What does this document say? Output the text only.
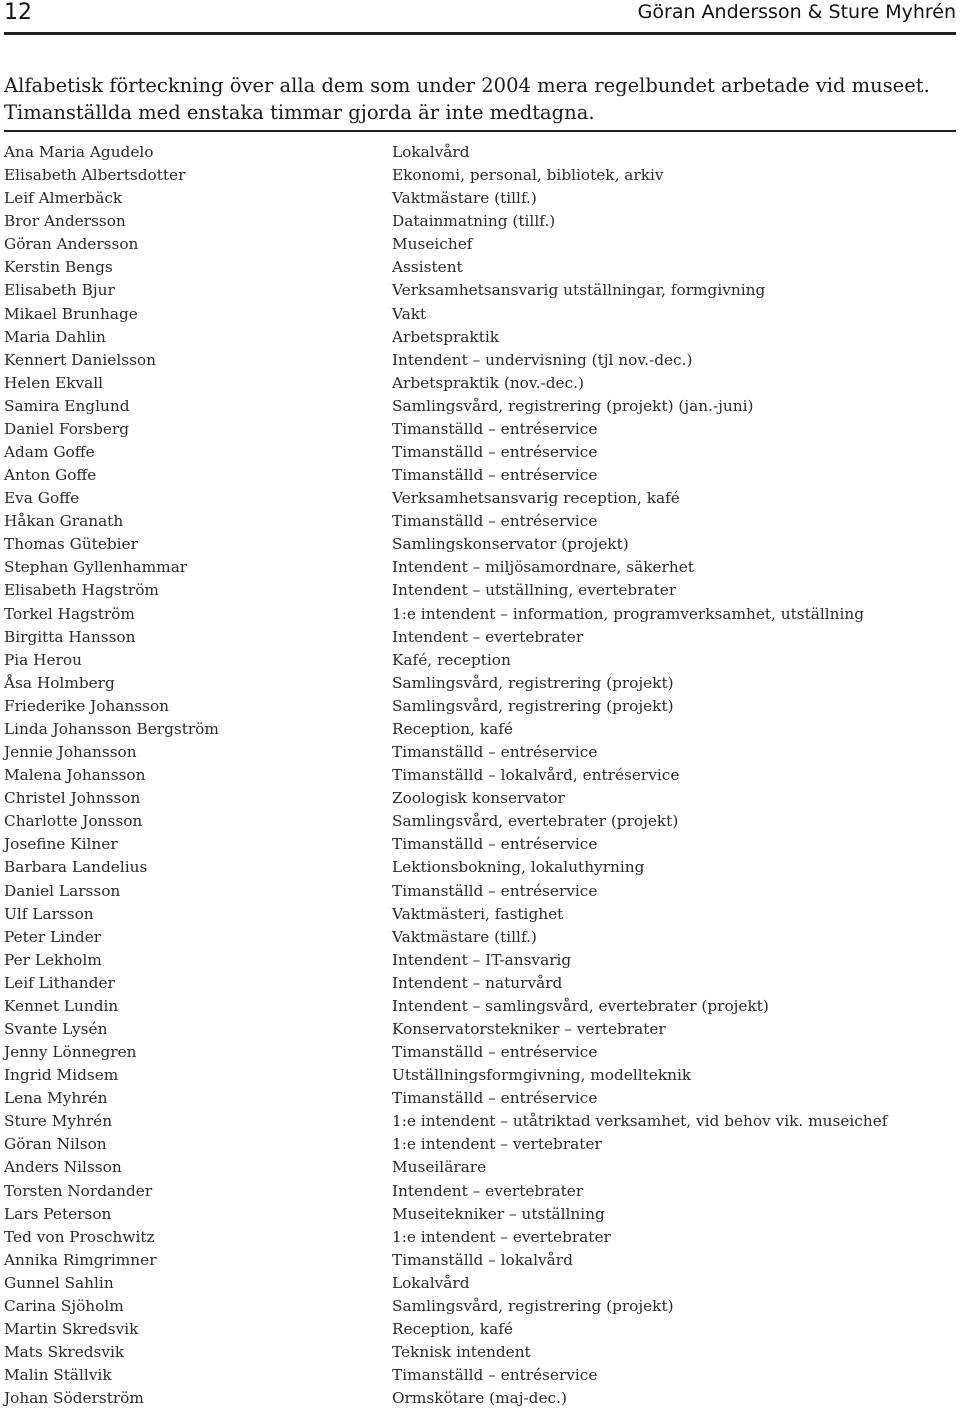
12	Göran Andersson & Sture Myhrén

Alfabetisk förteckning över alla dem som under 2004 mera regelbundet arbetade vid museet. Timanställda med enstaka timmar gjorda är inte medtagna.

Ana Maria Agudelo	Lokalvård
Elisabeth Albertsdotter	Ekonomi, personal, bibliotek, arkiv
Leif Almerbäck	Vaktmästare (tillf.)
Bror Andersson	Datainmatning (tillf.)
Göran Andersson	Museichef
Kerstin Bengs	Assistent
Elisabeth Bjur	Verksamhetsansvarig utställningar, formgivning
Mikael Brunhage	Vakt
Maria Dahlin	Arbetspraktik
Kennert Danielsson	Intendent – undervisning (tjl nov.-dec.)
Helen Ekvall	Arbetspraktik (nov.-dec.)
Samira Englund	Samlingsvård, registrering (projekt) (jan.-juni)
Daniel Forsberg	Timanställd – entréservice
Adam Goffe	Timanställd – entréservice
Anton Goffe	Timanställd – entréservice
Eva Goffe	Verksamhetsansvarig reception, kafé
Håkan Granath	Timanställd – entréservice
Thomas Gütebier	Samlingskonservator (projekt)
Stephan Gyllenhammar	Intendent – miljösamordnare, säkerhet
Elisabeth Hagström	Intendent – utställning, evertebrater
Torkel Hagström	1:e intendent – information, programverksamhet, utställning
Birgitta Hansson	Intendent – evertebrater
Pia Herou	Kafé, reception
Åsa Holmberg	Samlingsvård, registrering (projekt)
Friederike Johansson	Samlingsvård, registrering (projekt)
Linda Johansson Bergström	Reception, kafé
Jennie Johansson	Timanställd – entréservice
Malena Johansson	Timanställd – lokalvård, entréservice
Christel Johnsson	Zoologisk konservator
Charlotte Jonsson	Samlingsvård, evertebrater (projekt)
Josefine Kilner	Timanställd – entréservice
Barbara Landelius	Lektionsbokning, lokaluthyrning
Daniel Larsson	Timanställd – entréservice
Ulf Larsson	Vaktmästeri, fastighet
Peter Linder	Vaktmästare (tillf.)
Per Lekholm	Intendent – IT-ansvarig
Leif Lithander	Intendent – naturvård
Kennet Lundin	Intendent – samlingsvård, evertebrater (projekt)
Svante Lysén	Konservatorstekniker – vertebrater
Jenny Lönnegren	Timanställd – entréservice
Ingrid Midsem	Utställningsformgivning, modellteknik
Lena Myhrén	Timanställd – entréservice
Sture Myhrén	1:e intendent – utåtriktad verksamhet, vid behov vik. museichef
Göran Nilson	1:e intendent – vertebrater
Anders Nilsson	Museilärare
Torsten Nordander	Intendent – evertebrater
Lars Peterson	Museitekniker – utställning
Ted von Proschwitz	1:e intendent – evertebrater
Annika Rimgrimner	Timanställd – lokalvård
Gunnel Sahlin	Lokalvård
Carina Sjöholm	Samlingsvård, registrering (projekt)
Martin Skredsvik	Reception, kafé
Mats Skredsvik	Teknisk intendent
Malin Ställvik	Timanställd – entréservice
Johan Söderström	Ormskötare (maj-dec.)
